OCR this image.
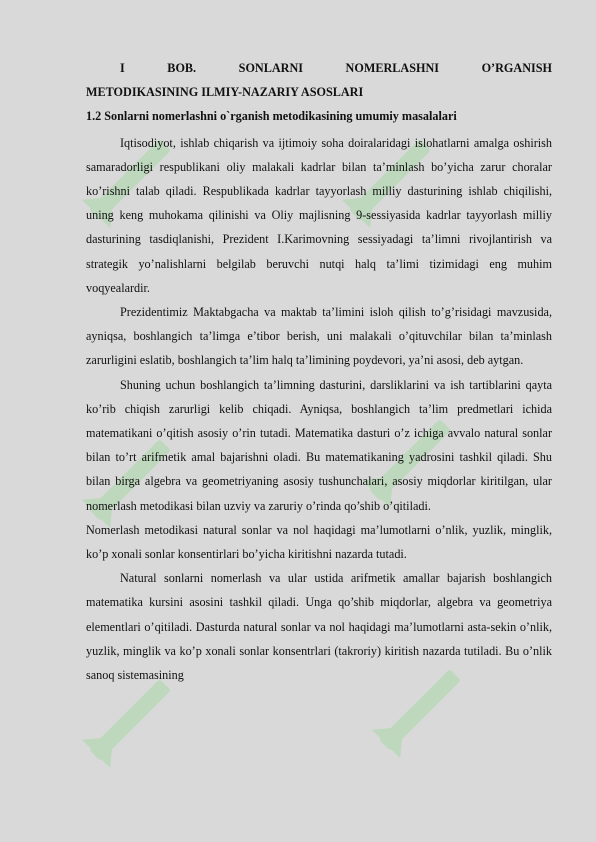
I BOB. SONLARNI NOMERLASHNI O’RGANISH
METODIKASINING ILMIY-NAZARIY ASOSLARI
1.2 Sonlarni nomerlashni o`rganish metodikasining umumiy masalalari

Iqtisodiyot, ishlab chiqarish va ijtimoiy soha doiralaridagi islohatlarni amalga oshirish samaradorligi respublikani oliy malakali kadrlar bilan ta’minlash bo’yicha zarur choralar ko’rishni talab qiladi. Respublikada kadrlar tayyorlash milliy dasturining ishlab chiqilishi, uning keng muhokama qilinishi va Oliy majlisning 9-sessiyasida kadrlar tayyorlash milliy dasturining tasdiqlanishi, Prezident I.Karimovning sessiyadagi ta’limni rivojlantirish va strategik yo’nalishlarni belgilab beruvchi nutqi halq ta’limi tizimidagi eng muhim voqyealardir.

Prezidentimiz Maktabgacha va maktab ta’limini isloh qilish to’g’risidagi mavzusida, ayniqsa, boshlangich ta’limga e’tibor berish, uni malakali o’qituvchilar bilan ta’minlash zarurligini eslatib, boshlangich ta’lim halq ta’limining poydevori, ya’ni asosi, deb aytgan.

Shuning uchun boshlangich ta’limning dasturini, darsliklarini va ish tartiblarini qayta ko’rib chiqish zarurligi kelib chiqadi. Ayniqsa, boshlangich ta’lim predmetlari ichida matematikani o’qitish asosiy o’rin tutadi. Matematika dasturi o’z ichiga avvalo natural sonlar bilan to’rt arifmetik amal bajarishni oladi. Bu matematikaning yadrosini tashkil qiladi. Shu bilan birga algebra va geometriyaning asosiy tushunchalari, asosiy miqdorlar kiritilgan, ular nomerlash metodikasi bilan uzviy va zaruriy o’rinda qo’shib o’qitiladi.

Nomerlash metodikasi natural sonlar va nol haqidagi ma’lumotlarni o’nlik, yuzlik, minglik, ko’p xonali sonlar konsentirlari bo’yicha kiritishni nazarda tutadi.

Natural sonlarni nomerlash va ular ustida arifmetik amallar bajarish boshlangich matematika kursini asosini tashkil qiladi. Unga qo’shib miqdorlar, algebra va geometriya elementlari o’qitiladi. Dasturda natural sonlar va nol haqidagi ma’lumotlarni asta-sekin o’nlik, yuzlik, minglik va ko’p xonali sonlar konsentrlari (takroriy) kiritish nazarda tutiladi. Bu o’nlik sanoq sistemasining
